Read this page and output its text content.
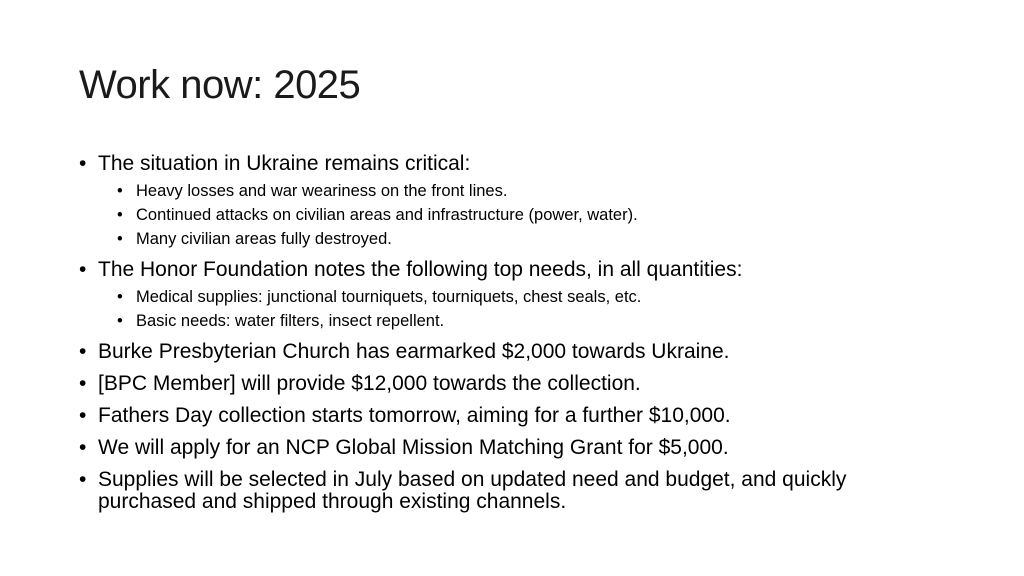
Work now: 2025
• The situation in Ukraine remains critical:
• Heavy losses and war weariness on the front lines.
• Continued attacks on civilian areas and infrastructure (power, water).
• Many civilian areas fully destroyed.
• The Honor Foundation notes the following top needs, in all quantities:
• Medical supplies: junctional tourniquets, tourniquets, chest seals, etc.
• Basic needs: water filters, insect repellent.
• Burke Presbyterian Church has earmarked $2,000 towards Ukraine.
• [BPC Member] will provide $12,000 towards the collection.
• Fathers Day collection starts tomorrow, aiming for a further $10,000.
• We will apply for an NCP Global Mission Matching Grant for $5,000.
• Supplies will be selected in July based on updated need and budget, and quickly purchased and shipped through existing channels.
